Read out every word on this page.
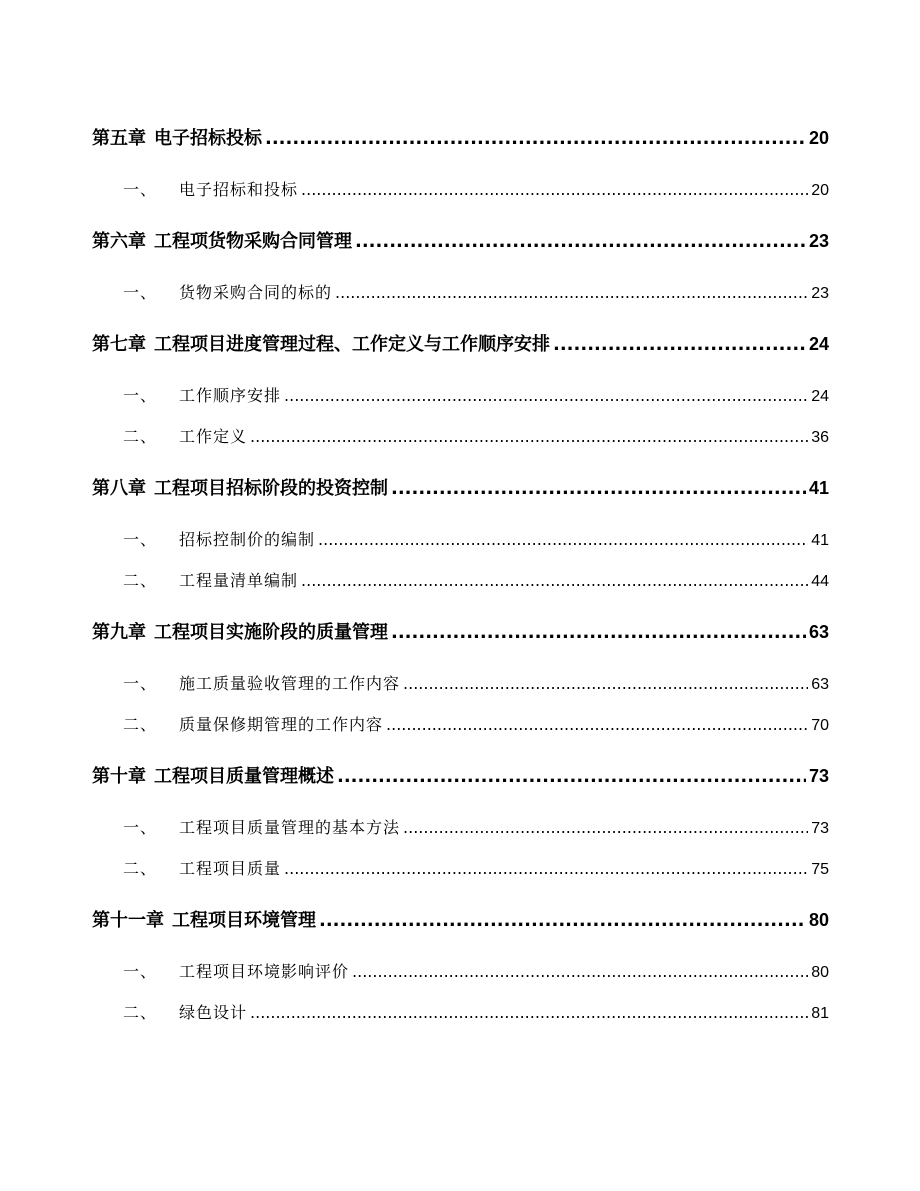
第五章 电子招标投标 .....	20
一、 电子招标和投标 .....	20
第六章 工程项货物采购合同管理 .....	23
一、 货物采购合同的标的 .....	23
第七章 工程项目进度管理过程、工作定义与工作顺序安排 .....	24
一、 工作顺序安排 .....	24
二、 工作定义 .....	36
第八章 工程项目招标阶段的投资控制 .....	41
一、 招标控制价的编制 .....	41
二、 工程量清单编制 .....	44
第九章 工程项目实施阶段的质量管理 .....	63
一、 施工质量验收管理的工作内容 .....	63
二、 质量保修期管理的工作内容 .....	70
第十章 工程项目质量管理概述 .....	73
一、 工程项目质量管理的基本方法 .....	73
二、 工程项目质量 .....	75
第十一章 工程项目环境管理 .....	80
一、 工程项目环境影响评价 .....	80
二、 绿色设计 .....	81
